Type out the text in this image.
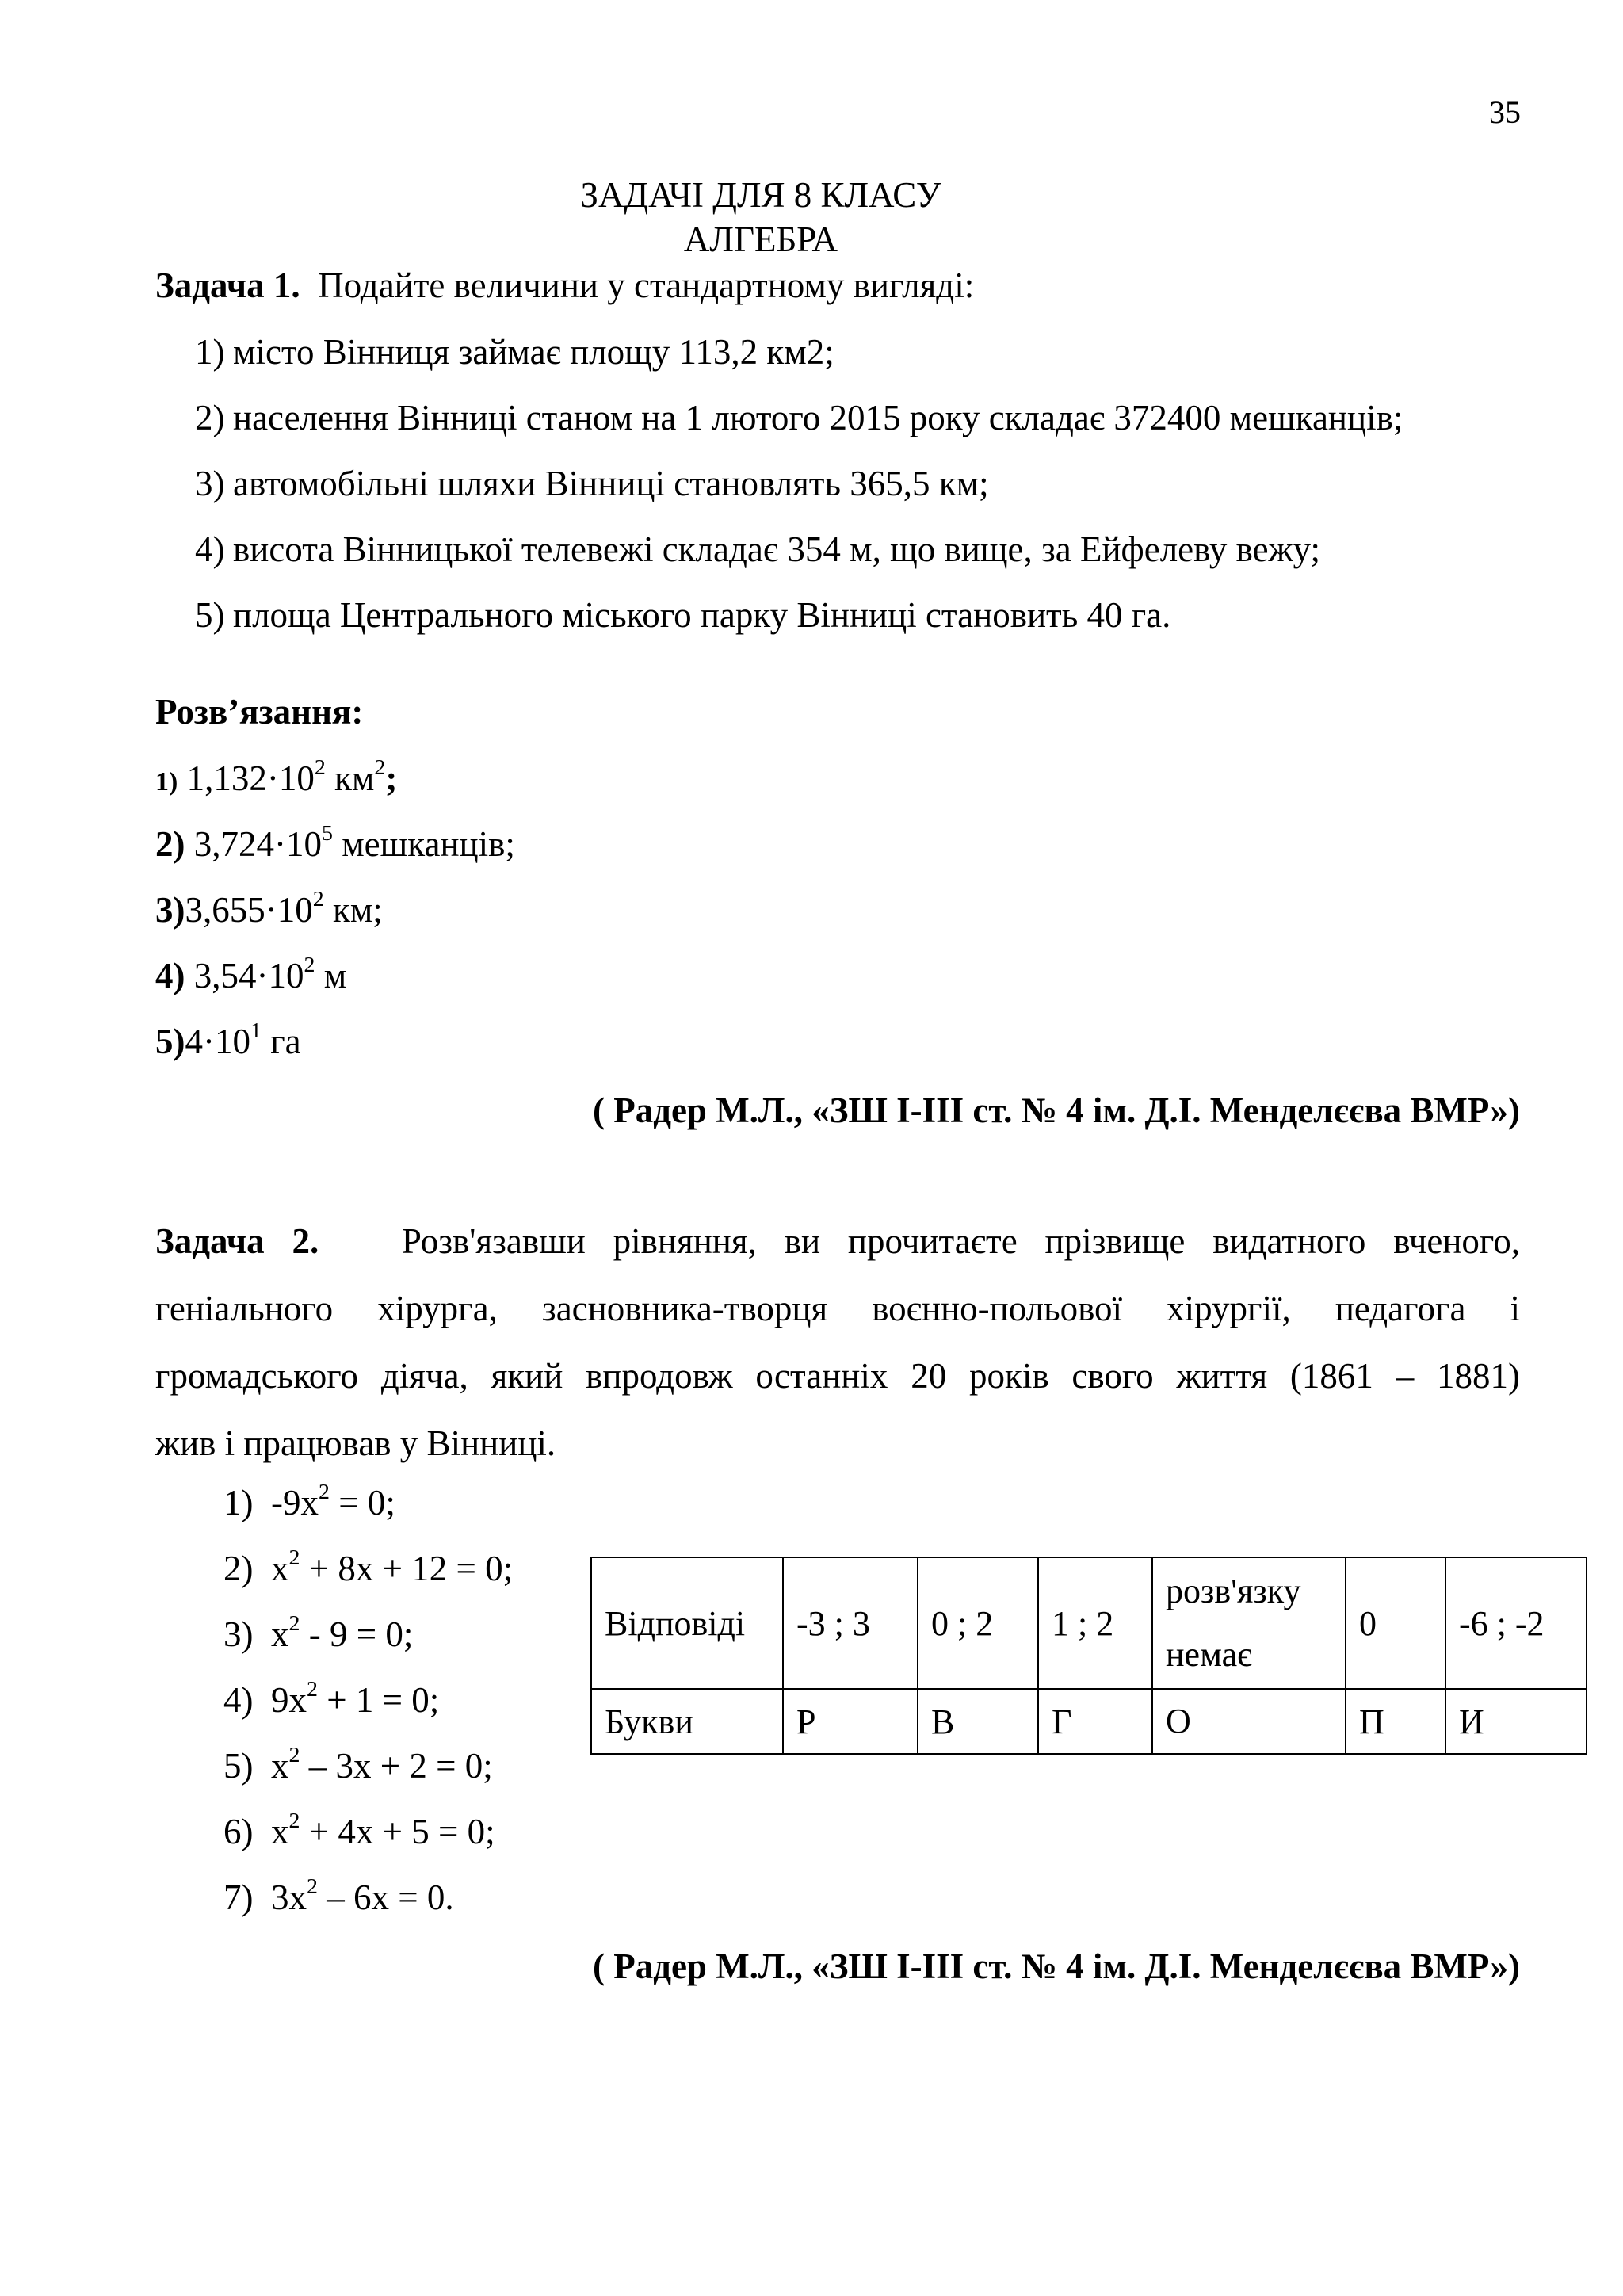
35
ЗАДАЧІ ДЛЯ 8 КЛАСУ
АЛГЕБРА
Задача 1. Подайте величини у стандартному вигляді:
1) місто Вінниця займає площу 113,2 км2;
2) населення Вінниці станом на 1 лютого 2015 року складає 372400 мешканців;
3) автомобільні шляхи Вінниці становлять 365,5 км;
4) висота Вінницької телевежі складає 354 м, що вище, за Ейфелеву вежу;
5) площа Центрального міського парку Вінниці становить 40 га.
Розв’язання:
1) $1,132\cdot 10^2$ $км^2$;
2) $3,724\cdot 10^5$ мешканців;
$3)3,655\cdot 10^2$ км;
4) $3,54\cdot 10^2$ м
$5)4\cdot 10^1$ га
( Радер М.Л., «ЗШ I-III ст. № 4 ім. Д.І. Менделєєва ВМР»)
Задача 2. Розв'язавши рівняння, ви прочитаєте прізвище видатного вченого,
геніального хірурга, засновника-творця воєнно-польової хірургії, педагога і
громадського діяча, який впродовж останніх 20 років свого життя (1861 – 1881)
жив і працював у Вінниці.
1) $-9x^2 = 0$;
2) $x^2 + 8x + 12 = 0$;
3) $x^2 - 9 = 0$;
4) $9x^2 + 1 = 0$;
5) $x^2 - 3x + 2 = 0$;
6) $x^2 + 4x + 5 = 0$;
7) $3x^2 - 6x = 0$.
Відповіді	-3 ; 3	0 ; 2	1 ; 2	розв'язку немає	0	-6 ; -2
Букви	Р	В	Г	О	П	И
( Радер М.Л., «ЗШ I-III ст. № 4 ім. Д.І. Менделєєва ВМР»)
